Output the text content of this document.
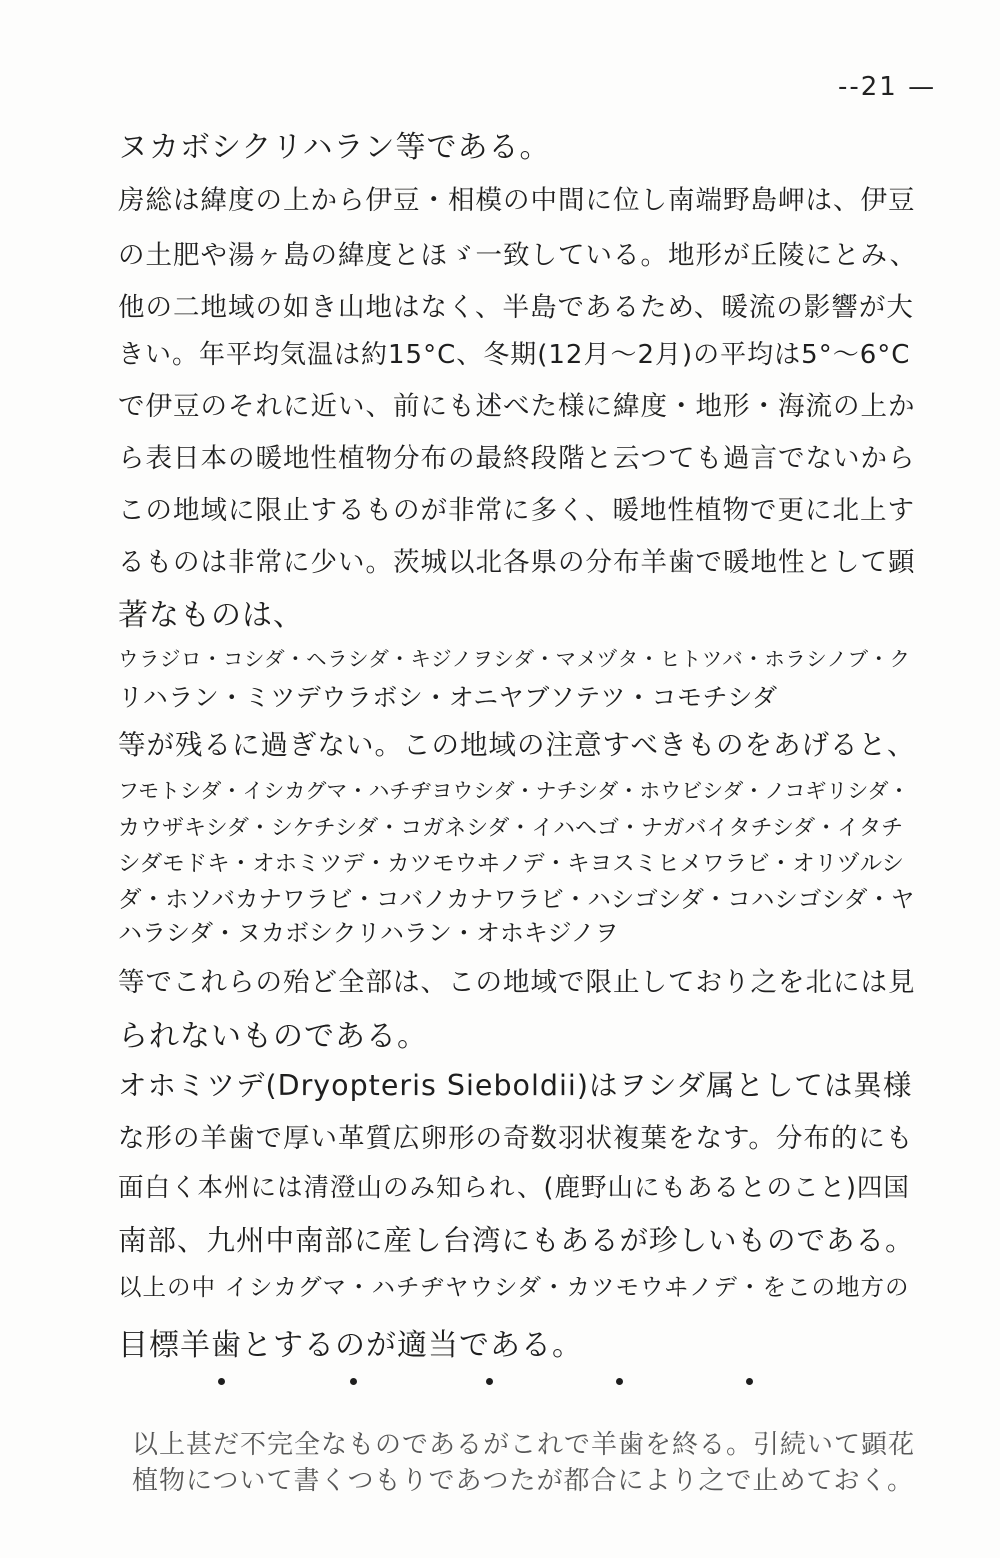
--21 —
ヌカボシクリハラン等である。
房総は緯度の上から伊豆・相模の中間に位し南端野島岬は、伊豆
の土肥や湯ヶ島の緯度とほゞ一致している。地形が丘陵にとみ、
他の二地域の如き山地はなく、半島であるため、暖流の影響が大
きい。年平均気温は約15°C、冬期(12月～2月)の平均は5°～6°C
で伊豆のそれに近い、前にも述べた様に緯度・地形・海流の上か
ら表日本の暖地性植物分布の最終段階と云つても過言でないから
この地域に限止するものが非常に多く、暖地性植物で更に北上す
るものは非常に少い。茨城以北各県の分布羊歯で暖地性として顕
著なものは、
ウラジロ・コシダ・ヘラシダ・キジノヲシダ・マメヅタ・ヒトツバ・ホラシノブ・ク
リハラン・ミツデウラボシ・オニヤブソテツ・コモチシダ
等が残るに過ぎない。この地域の注意すべきものをあげると、
フモトシダ・イシカグマ・ハチヂヨウシダ・ナチシダ・ホウビシダ・ノコギリシダ・
カウザキシダ・シケチシダ・コガネシダ・イハヘゴ・ナガバイタチシダ・イタチ
シダモドキ・オホミツデ・カツモウヰノデ・キヨスミヒメワラビ・オリヅルシ
ダ・ホソバカナワラビ・コバノカナワラビ・ハシゴシダ・コハシゴシダ・ヤ
ハラシダ・ヌカボシクリハラン・オホキジノヲ
等でこれらの殆ど全部は、この地域で限止しており之を北には見
られないものである。
オホミツデ(Dryopteris Sieboldii)はヲシダ属としては異様
な形の羊歯で厚い革質広卵形の奇数羽状複葉をなす。分布的にも
面白く本州には清澄山のみ知られ、(鹿野山にもあるとのこと)四国
南部、九州中南部に産し台湾にもあるが珍しいものである。
以上の中 イシカグマ・ハチヂヤウシダ・カツモウヰノデ・をこの地方の
目標羊歯とするのが適当である。
以上甚だ不完全なものであるがこれで羊歯を終る。引続いて顕花
植物について書くつもりであつたが都合により之で止めておく。
